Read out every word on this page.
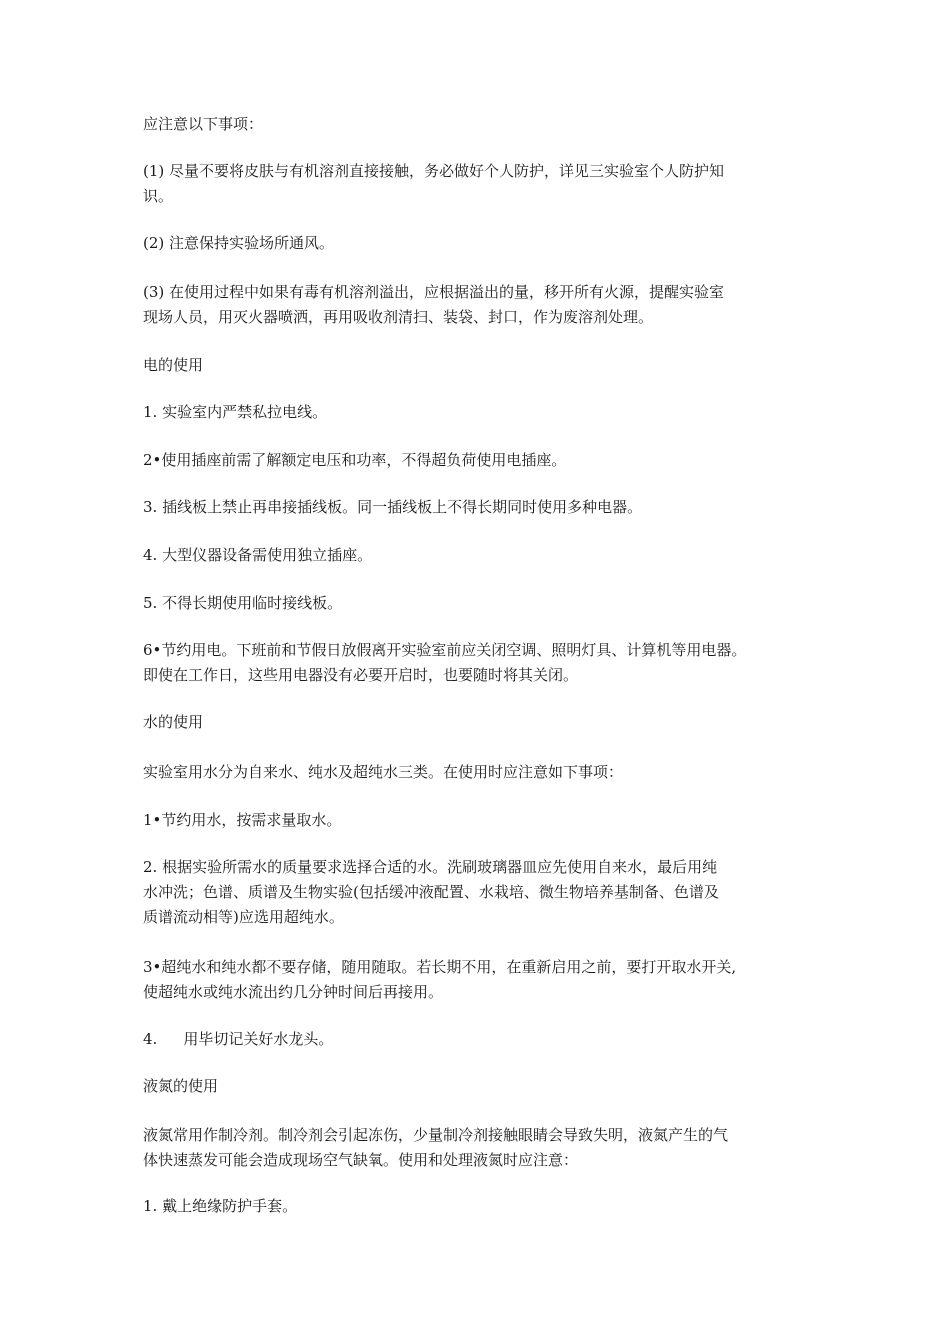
应注意以下事项：
(1) 尽量不要将皮肤与有机溶剂直接接触，务必做好个人防护，详见三实验室个人防护知
识。
(2) 注意保持实验场所通风。
(3) 在使用过程中如果有毒有机溶剂溢出，应根据溢出的量，移开所有火源，提醒实验室
现场人员，用灭火器喷洒，再用吸收剂清扫、装袋、封口，作为废溶剂处理。
电的使用
1. 实验室内严禁私拉电线。
2•使用插座前需了解额定电压和功率，不得超负荷使用电插座。
3. 插线板上禁止再串接插线板。同一插线板上不得长期同时使用多种电器。
4. 大型仪器设备需使用独立插座。
5. 不得长期使用临时接线板。
6•节约用电。下班前和节假日放假离开实验室前应关闭空调、照明灯具、计算机等用电器。
即使在工作日，这些用电器没有必要开启时，也要随时将其关闭。
水的使用
实验室用水分为自来水、纯水及超纯水三类。在使用时应注意如下事项：
1•节约用水，按需求量取水。
2. 根据实验所需水的质量要求选择合适的水。洗刷玻璃器皿应先使用自来水，最后用纯
水冲洗；色谱、质谱及生物实验(包括缓冲液配置、水栽培、微生物培养基制备、色谱及
质谱流动相等)应选用超纯水。
3•超纯水和纯水都不要存储，随用随取。若长期不用，在重新启用之前，要打开取水开关,
使超纯水或纯水流出约几分钟时间后再接用。
4. 用毕切记关好水龙头。
液氮的使用
液氮常用作制冷剂。制冷剂会引起冻伤，少量制冷剂接触眼睛会导致失明，液氮产生的气
体快速蒸发可能会造成现场空气缺氧。使用和处理液氮时应注意：
1. 戴上绝缘防护手套。
